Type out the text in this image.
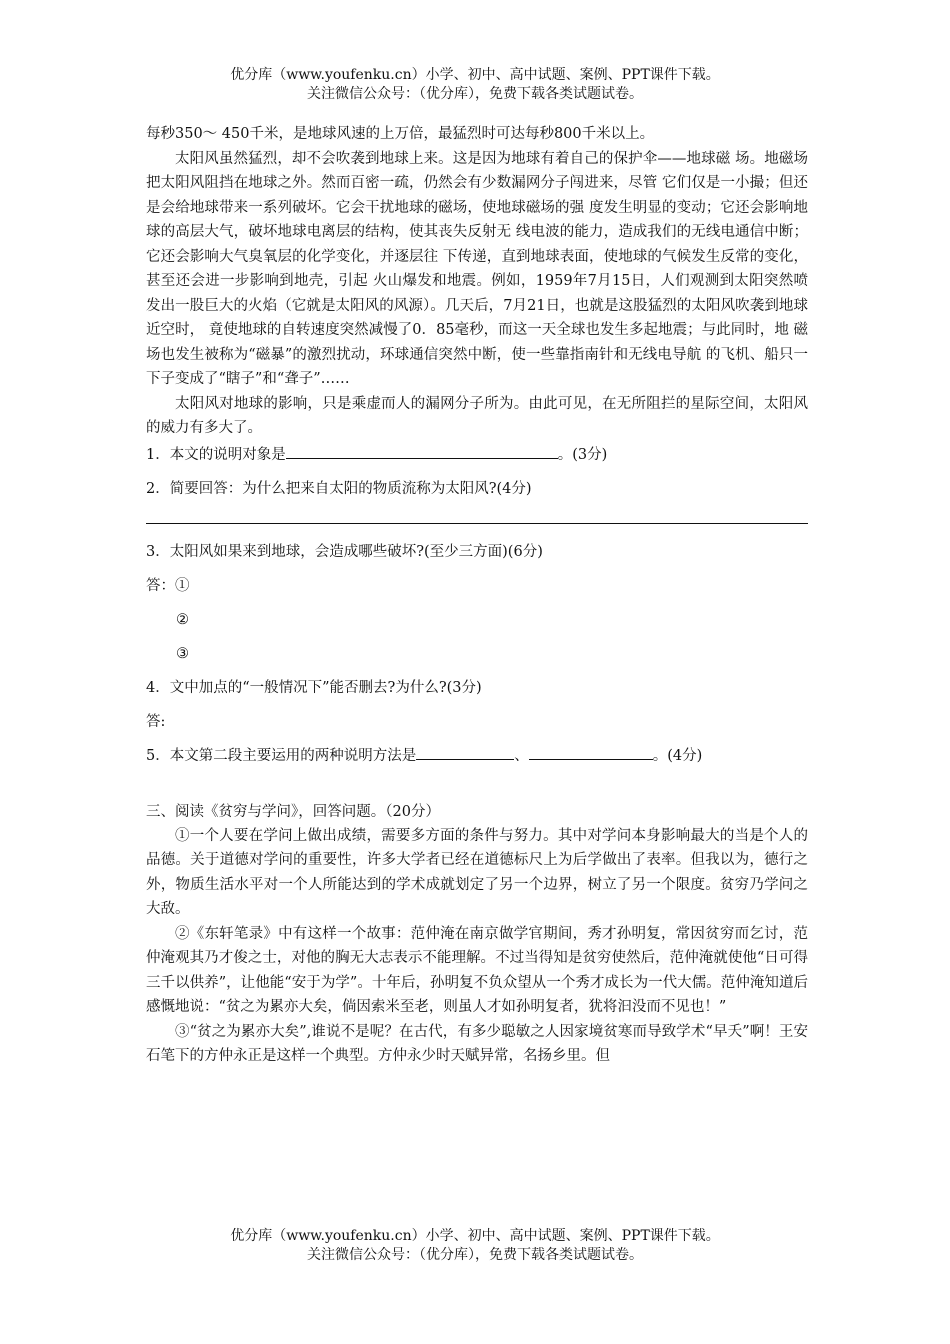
优分库（www.youfenku.cn）小学、初中、高中试题、案例、PPT课件下载。

关注微信公众号：（优分库），免费下载各类试题试卷。

每秒350～ 450千米，是地球风速的上万倍，最猛烈时可达每秒800千米以上。

太阳风虽然猛烈，却不会吹袭到地球上来。这是因为地球有着自己的保护伞——地球磁 场。地磁场把太阳风阻挡在地球之外。然而百密一疏，仍然会有少数漏网分子闯进来，尽管 它们仅是一小撮；但还是会给地球带来一系列破坏。它会干扰地球的磁场，使地球磁场的强 度发生明显的变动；它还会影响地球的高层大气，破坏地球电离层的结构，使其丧失反射无 线电波的能力，造成我们的无线电通信中断；它还会影响大气臭氧层的化学变化，并逐层往 下传递，直到地球表面，使地球的气候发生反常的变化，甚至还会进一步影响到地壳，引起 火山爆发和地震。例如，1959年7月15日，人们观测到太阳突然喷发出一股巨大的火焰（它就是太阳风的风源）。几天后，7月21日，也就是这股猛烈的太阳风吹袭到地球近空时， 竟使地球的自转速度突然减慢了0．85毫秒，而这一天全球也发生多起地震；与此同时，地 磁场也发生被称为“磁暴”的激烈扰动，环球通信突然中断，使一些靠指南针和无线电导航 的飞机、船只一下子变成了“瞎子”和“聋子”……

太阳风对地球的影响，只是乘虚而人的漏网分子所为。由此可见，在无所阻拦的星际空间，太阳风的威力有多大了。

1．本文的说明对象是	。(3分)

2．简要回答：为什么把来自太阳的物质流称为太阳风?(4分)

3．太阳风如果来到地球，会造成哪些破坏?(至少三方面)(6分)

答：①

②

③

4．文中加点的“一般情况下”能否删去?为什么?(3分)

答:

5．本文第二段主要运用的两种说明方法是	、	。(4分)

三、阅读《贫穷与学问》，回答问题。（20分）

①一个人要在学问上做出成绩，需要多方面的条件与努力。其中对学问本身影响最大的当是个人的品德。关于道德对学问的重要性，许多大学者已经在道德标尺上为后学做出了表率。但我以为，德行之外，物质生活水平对一个人所能达到的学术成就划定了另一个边界，树立了另一个限度。贫穷乃学问之大敌。

②《东轩笔录》中有这样一个故事：范仲淹在南京做学官期间，秀才孙明复，常因贫穷而乞讨，范仲淹观其乃才俊之士，对他的胸无大志表示不能理解。不过当得知是贫穷使然后，范仲淹就使他“日可得三千以供养”，让他能“安于为学”。十年后，孙明复不负众望从一个秀才成长为一代大儒。范仲淹知道后感慨地说：“贫之为累亦大矣，倘因索米至老，则虽人才如孙明复者，犹将汩没而不见也！”

③“贫之为累亦大矣”,谁说不是呢？在古代，有多少聪敏之人因家境贫寒而导致学术“早夭”啊！王安石笔下的方仲永正是这样一个典型。方仲永少时天赋异常，名扬乡里。但

优分库（www.youfenku.cn）小学、初中、高中试题、案例、PPT课件下载。

关注微信公众号：（优分库），免费下载各类试题试卷。
